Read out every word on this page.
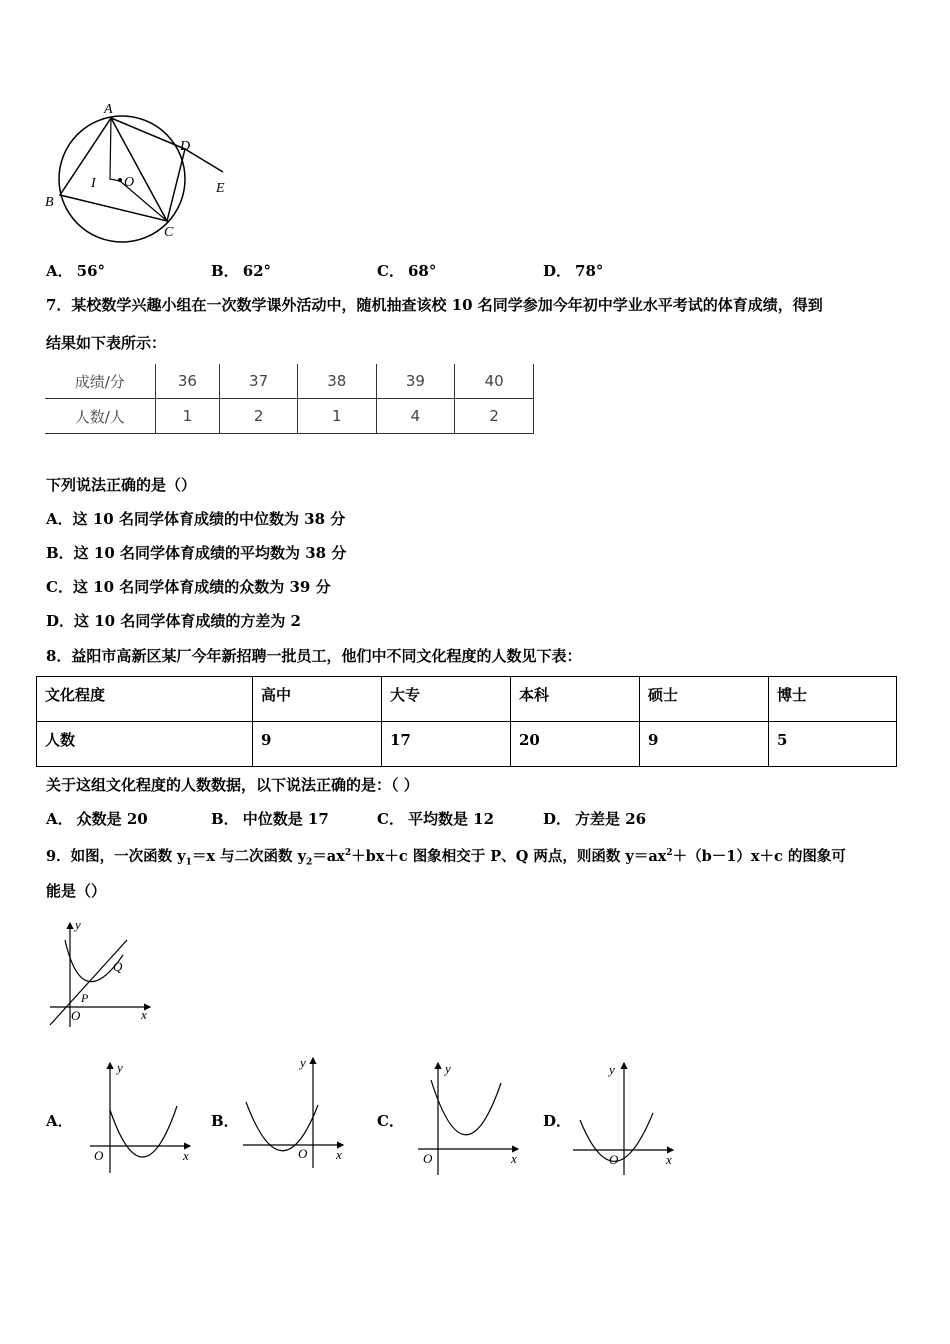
A
B
C
D
E
I O
A． 56°	B． 62°	C． 68°	D． 78°
7．某校数学兴趣小组在一次数学课外活动中，随机抽查该校 10 名同学参加今年初中学业水平考试的体育成绩，得到
结果如下表所示：
成绩/分	36	37	38	39	40
人数/人	1	2	1	4	2
下列说法正确的是（）
A．这 10 名同学体育成绩的中位数为 38 分
B．这 10 名同学体育成绩的平均数为 38 分
C．这 10 名同学体育成绩的众数为 39 分
D．这 10 名同学体育成绩的方差为 2
8．益阳市高新区某厂今年新招聘一批员工，他们中不同文化程度的人数见下表：
文化程度	高中	大专	本科	硕士	博士
人数	9	17	20	9	5
关于这组文化程度的人数数据，以下说法正确的是：（ ）
A． 众数是 20	B． 中位数是 17	C． 平均数是 12	D． 方差是 26
9．如图，一次函数 $y_1=x$ 与二次函数 $y_2=ax^2+bx+c$ 图象相交于 P、Q 两点，则函数 $y=ax^2+(b-1)x+c$ 的图象可
能是（）
y
x
O
P
Q
A．	B．	C．	D．
y
x
O
y
x
O
y
x
O
y
x
O
